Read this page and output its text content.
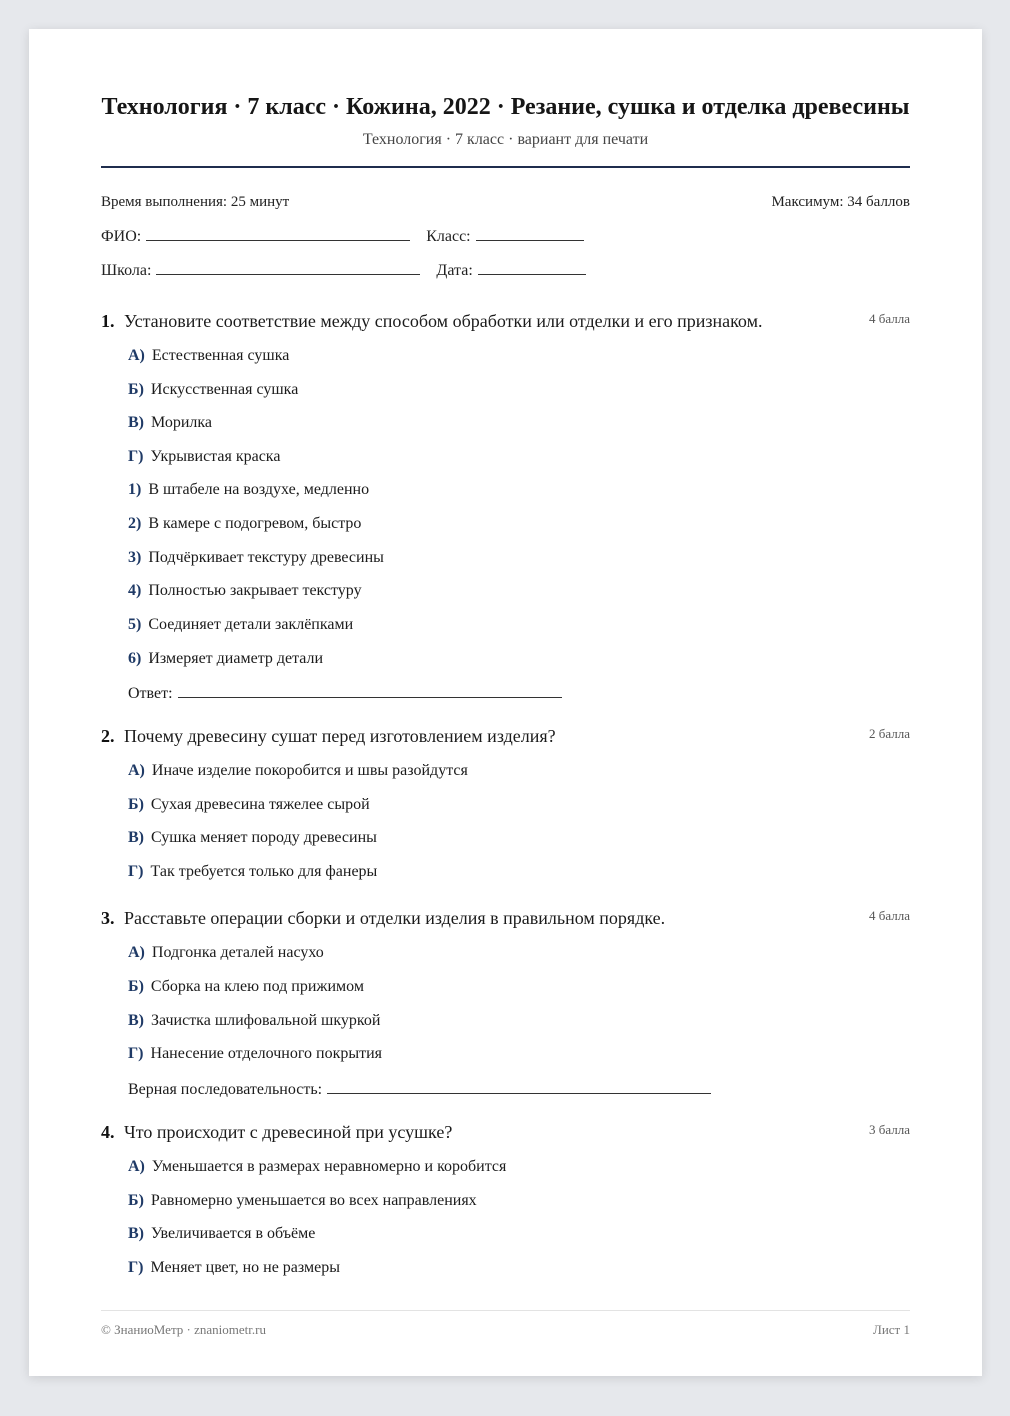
Технология · 7 класс · Кожина, 2022 · Резание, сушка и отделка древесины
Технология · 7 класс · вариант для печати
Время выполнения: 25 минут	Максимум: 34 баллов
ФИО:	Класс:
Школа:	Дата:
1. Установите соответствие между способом обработки или отделки и его признаком.	4 балла
А) Естественная сушка
Б) Искусственная сушка
В) Морилка
Г) Укрывистая краска
1) В штабеле на воздухе, медленно
2) В камере с подогревом, быстро
3) Подчёркивает текстуру древесины
4) Полностью закрывает текстуру
5) Соединяет детали заклёпками
6) Измеряет диаметр детали
Ответ:
2. Почему древесину сушат перед изготовлением изделия?	2 балла
А) Иначе изделие покоробится и швы разойдутся
Б) Сухая древесина тяжелее сырой
В) Сушка меняет породу древесины
Г) Так требуется только для фанеры
3. Расставьте операции сборки и отделки изделия в правильном порядке.	4 балла
А) Подгонка деталей насухо
Б) Сборка на клею под прижимом
В) Зачистка шлифовальной шкуркой
Г) Нанесение отделочного покрытия
Верная последовательность:
4. Что происходит с древесиной при усушке?	3 балла
А) Уменьшается в размерах неравномерно и коробится
Б) Равномерно уменьшается во всех направлениях
В) Увеличивается в объёме
Г) Меняет цвет, но не размеры
© ЗнаниоМетр · znaniometr.ru	Лист 1
